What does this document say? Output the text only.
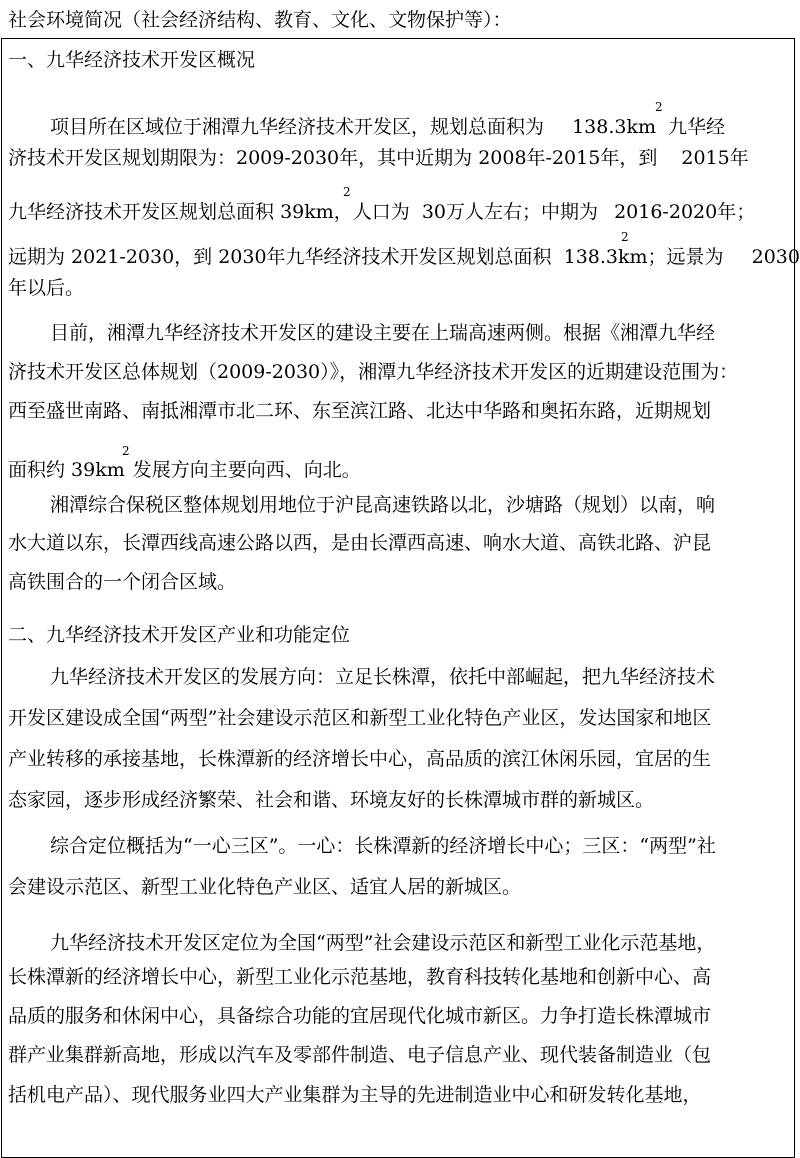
社会环境简况（社会经济结构、教育、文化、文物保护等）：
一、九华经济技术开发区概况
2
项目所在区域位于湘潭九华经济技术开发区，规划总面积为 138.3km 九华经
济技术开发区规划期限为：2009-2030年，其中近期为 2008年-2015年，到 2015年
2
九华经济技术开发区规划总面积 39km，人口为 30万人左右；中期为 2016-2020年；
2
远期为 2021-2030，到 2030年九华经济技术开发区规划总面积 138.3km；远景为 2030
年以后。
目前，湘潭九华经济技术开发区的建设主要在上瑞高速两侧。根据《湘潭九华经
济技术开发区总体规划（2009-2030）》，湘潭九华经济技术开发区的近期建设范围为：
西至盛世南路、南抵湘潭市北二环、东至滨江路、北达中华路和奥拓东路，近期规划
2
面积约 39km 发展方向主要向西、向北。
湘潭综合保税区整体规划用地位于沪昆高速铁路以北，沙塘路（规划）以南，响
水大道以东，长潭西线高速公路以西，是由长潭西高速、响水大道、高铁北路、沪昆
高铁围合的一个闭合区域。
二、九华经济技术开发区产业和功能定位
九华经济技术开发区的发展方向：立足长株潭，依托中部崛起，把九华经济技术
开发区建设成全国“两型”社会建设示范区和新型工业化特色产业区，发达国家和地区
产业转移的承接基地，长株潭新的经济增长中心，高品质的滨江休闲乐园，宜居的生
态家园，逐步形成经济繁荣、社会和谐、环境友好的长株潭城市群的新城区。
综合定位概括为“一心三区”。一心：长株潭新的经济增长中心；三区：“两型”社
会建设示范区、新型工业化特色产业区、适宜人居的新城区。
九华经济技术开发区定位为全国“两型”社会建设示范区和新型工业化示范基地，
长株潭新的经济增长中心，新型工业化示范基地，教育科技转化基地和创新中心、高
品质的服务和休闲中心，具备综合功能的宜居现代化城市新区。力争打造长株潭城市
群产业集群新高地，形成以汽车及零部件制造、电子信息产业、现代装备制造业（包
括机电产品）、现代服务业四大产业集群为主导的先进制造业中心和研发转化基地，
